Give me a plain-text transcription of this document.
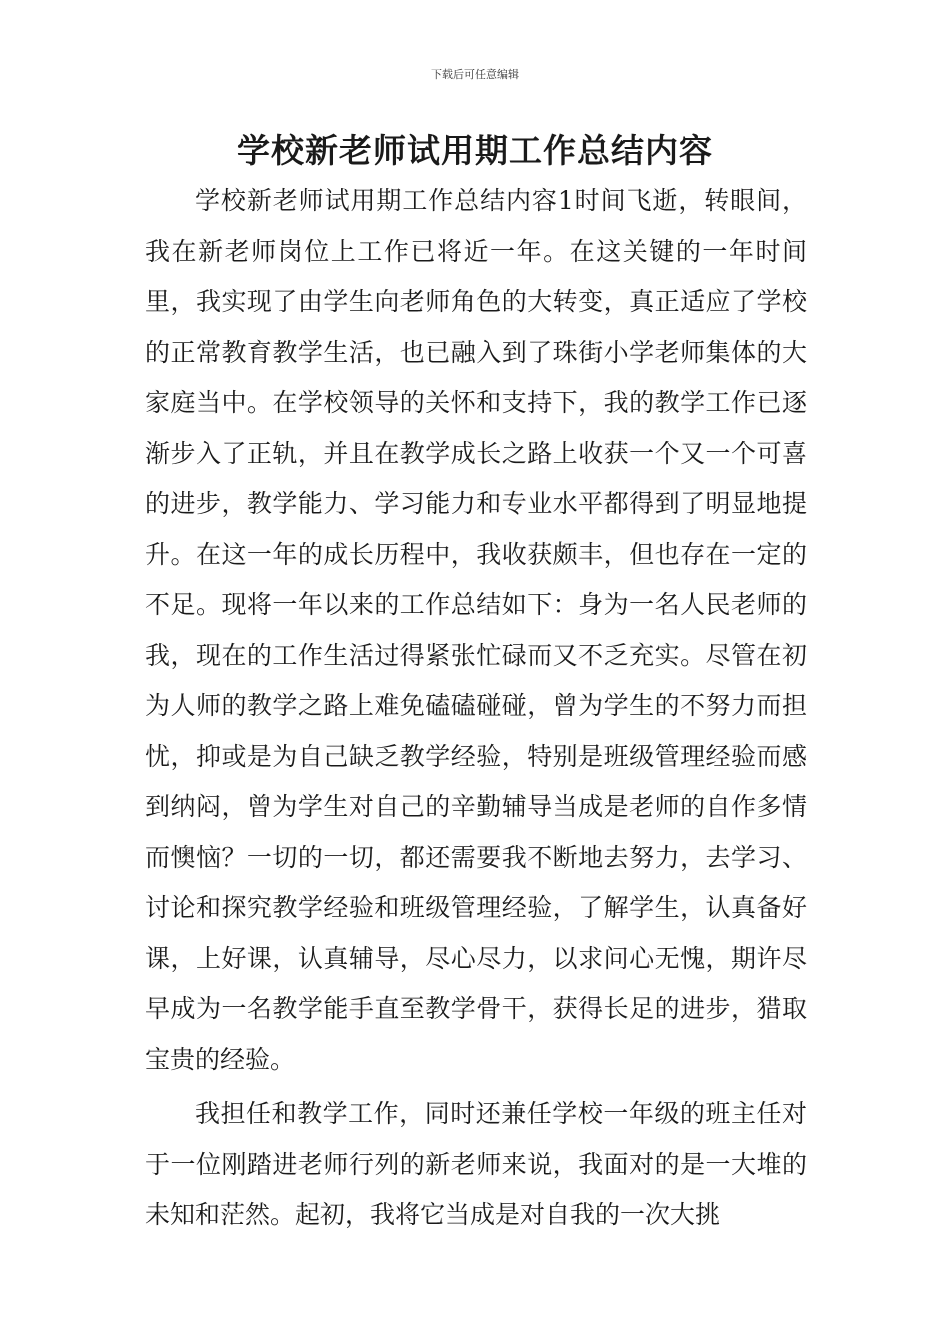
下载后可任意编辑
学校新老师试用期工作总结内容

学校新老师试用期工作总结内容1时间飞逝，转眼间，我在新老师岗位上工作已将近一年。在这关键的一年时间里，我实现了由学生向老师角色的大转变，真正适应了学校的正常教育教学生活，也已融入到了珠街小学老师集体的大家庭当中。在学校领导的关怀和支持下，我的教学工作已逐渐步入了正轨，并且在教学成长之路上收获一个又一个可喜的进步，教学能力、学习能力和专业水平都得到了明显地提升。在这一年的成长历程中，我收获颇丰，但也存在一定的不足。现将一年以来的工作总结如下：身为一名人民老师的我，现在的工作生活过得紧张忙碌而又不乏充实。尽管在初为人师的教学之路上难免磕磕碰碰，曾为学生的不努力而担忧，抑或是为自己缺乏教学经验，特别是班级管理经验而感到纳闷，曾为学生对自己的辛勤辅导当成是老师的自作多情而懊恼？一切的一切，都还需要我不断地去努力，去学习、讨论和探究教学经验和班级管理经验，了解学生，认真备好课，上好课，认真辅导，尽心尽力，以求问心无愧，期许尽早成为一名教学能手直至教学骨干，获得长足的进步，猎取宝贵的经验。

我担任和教学工作，同时还兼任学校一年级的班主任对于一位刚踏进老师行列的新老师来说，我面对的是一大堆的未知和茫然。起初，我将它当成是对自我的一次大挑
